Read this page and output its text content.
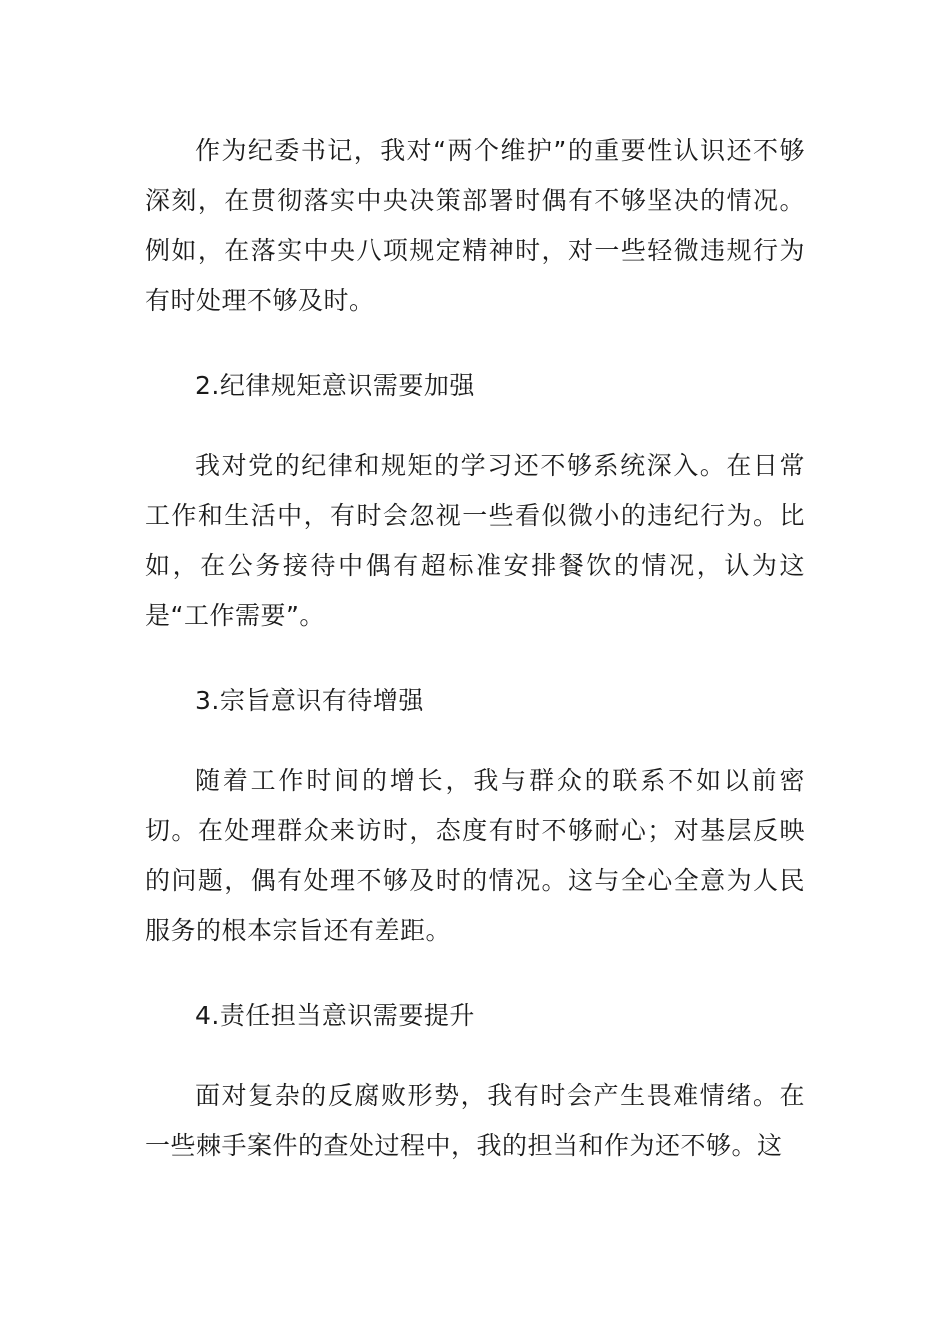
作为纪委书记，我对“两个维护”的重要性认识还不够深刻，在贯彻落实中央决策部署时偶有不够坚决的情况。例如，在落实中央八项规定精神时，对一些轻微违规行为有时处理不够及时。

2.纪律规矩意识需要加强

我对党的纪律和规矩的学习还不够系统深入。在日常工作和生活中，有时会忽视一些看似微小的违纪行为。比如，在公务接待中偶有超标准安排餐饮的情况，认为这是“工作需要”。

3.宗旨意识有待增强

随着工作时间的增长，我与群众的联系不如以前密切。在处理群众来访时，态度有时不够耐心；对基层反映的问题，偶有处理不够及时的情况。这与全心全意为人民服务的根本宗旨还有差距。

4.责任担当意识需要提升

面对复杂的反腐败形势，我有时会产生畏难情绪。在一些棘手案件的查处过程中，我的担当和作为还不够。这
